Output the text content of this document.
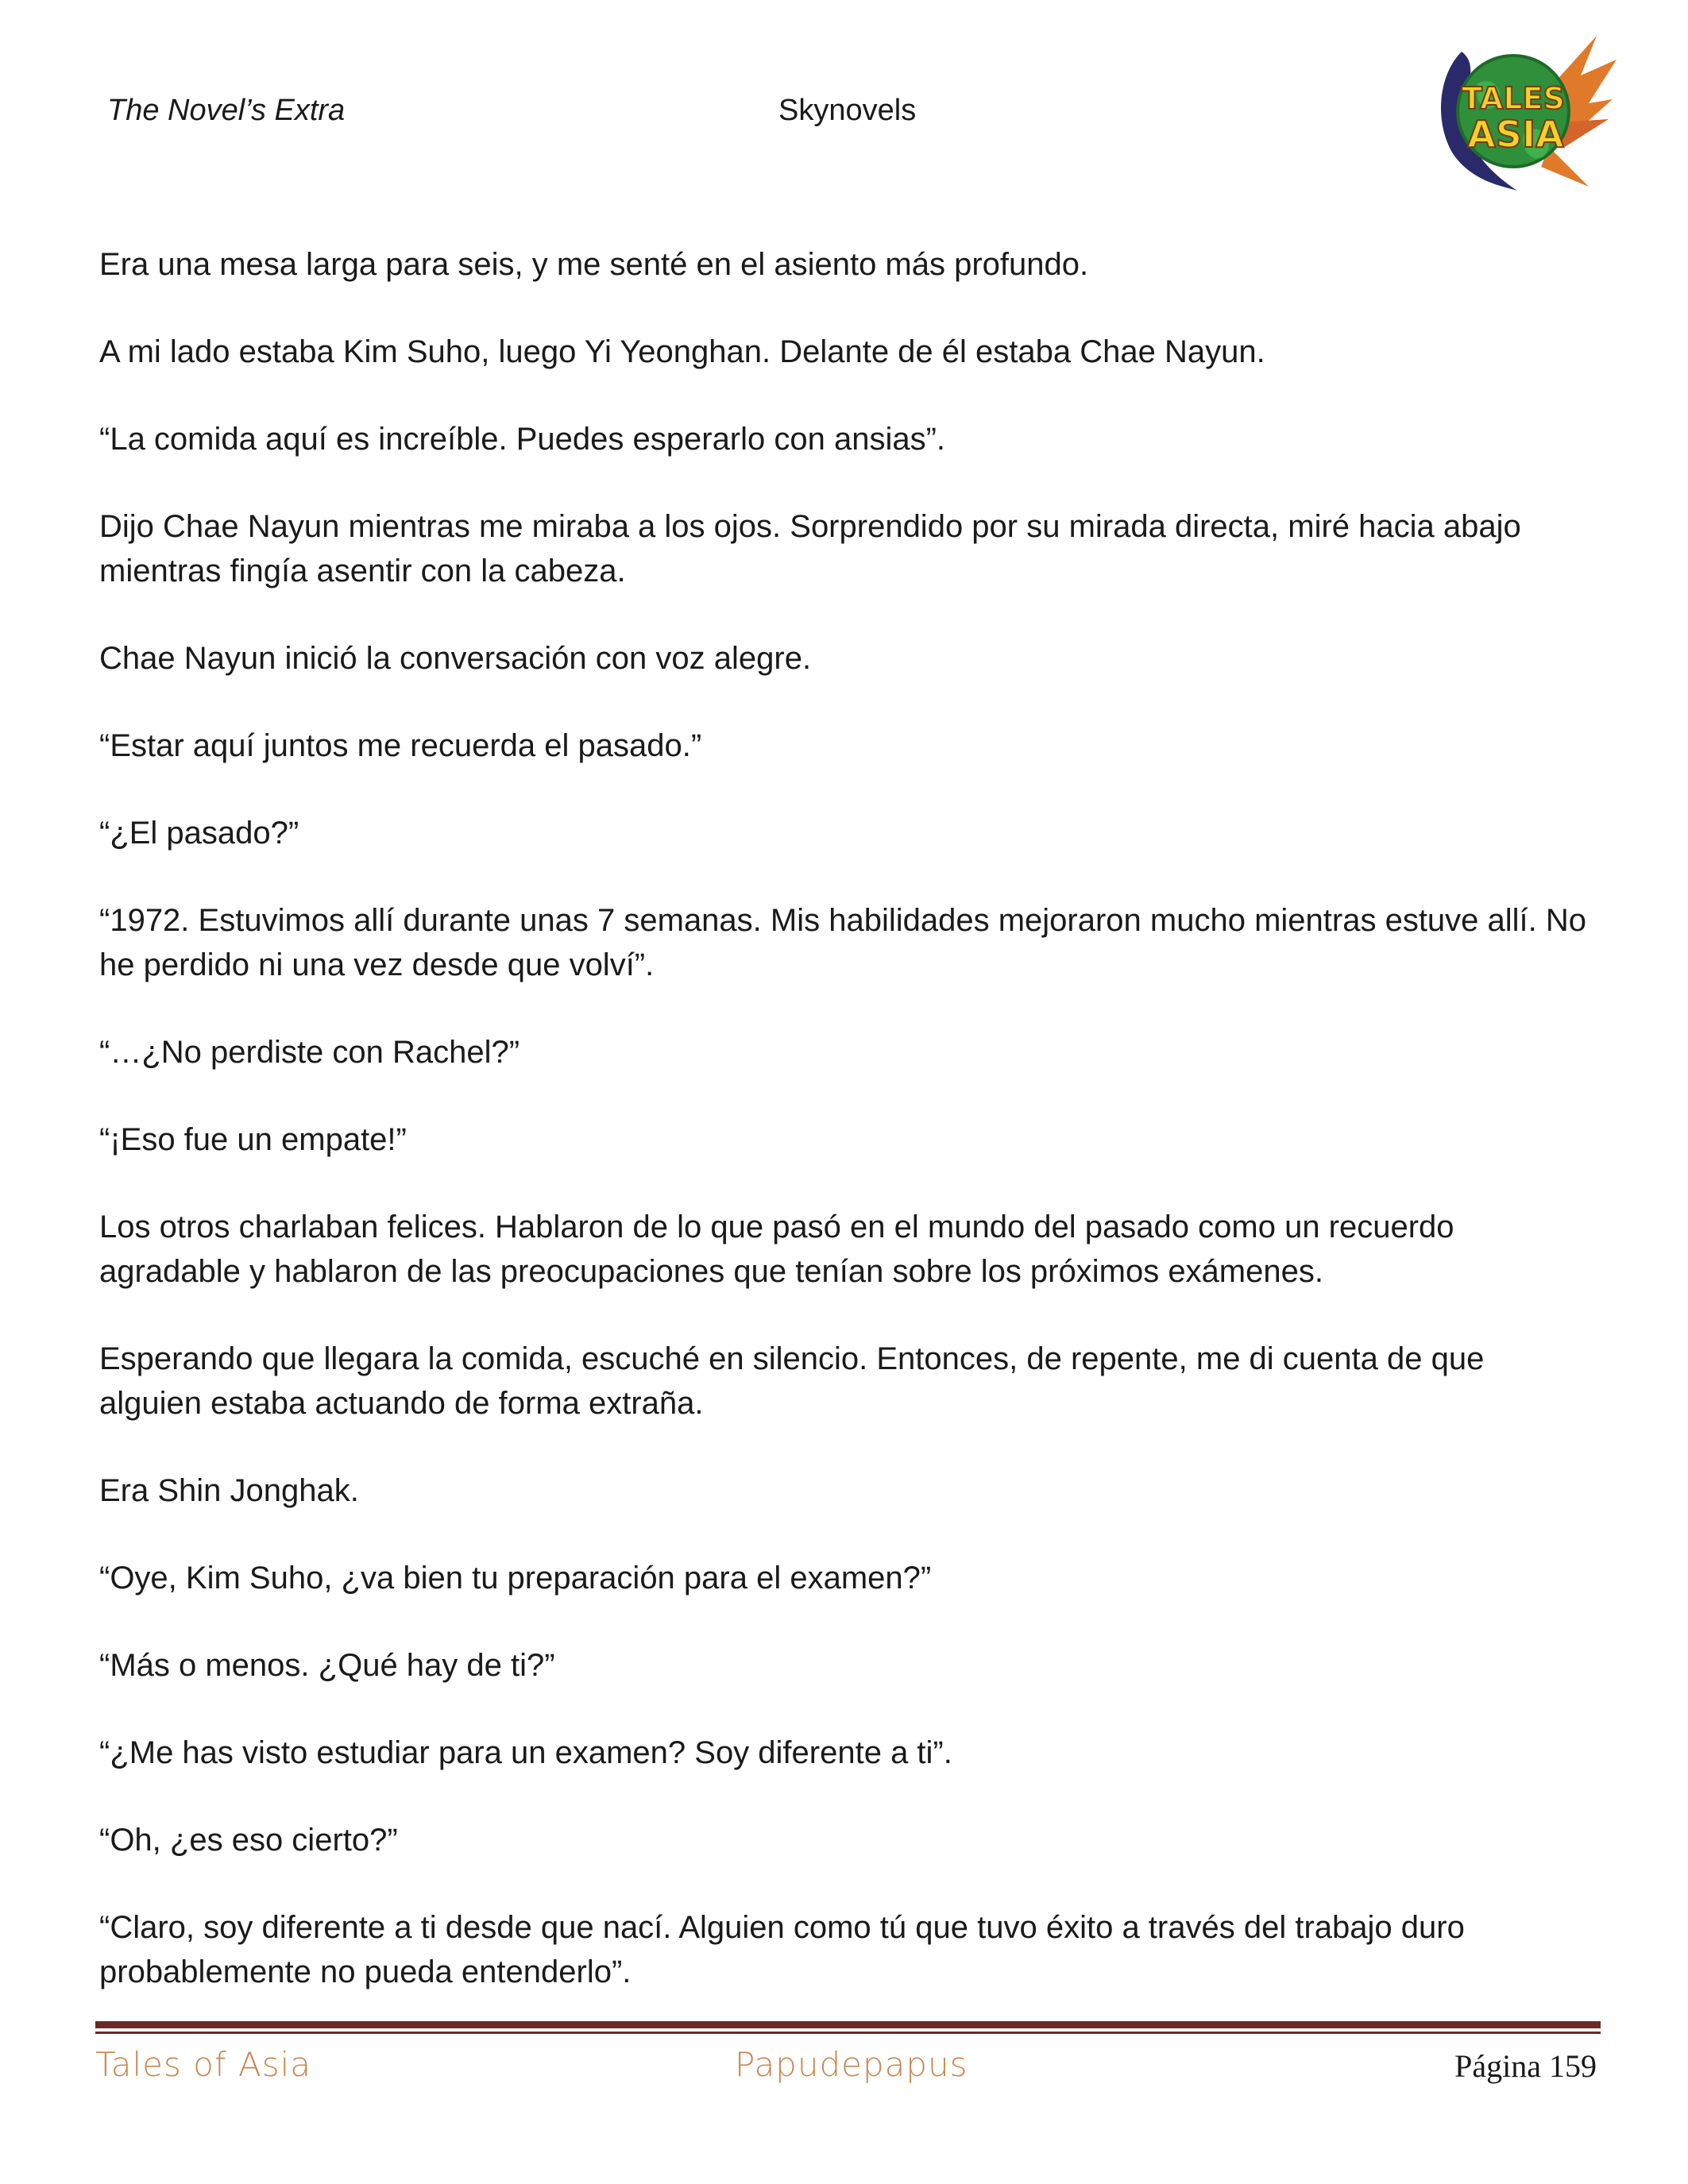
The Novel’s Extra	Skynovels	TALES
ASIA

Era una mesa larga para seis, y me senté en el asiento más profundo.

A mi lado estaba Kim Suho, luego Yi Yeonghan. Delante de él estaba Chae Nayun.

“La comida aquí es increíble. Puedes esperarlo con ansias”.

Dijo Chae Nayun mientras me miraba a los ojos. Sorprendido por su mirada directa, miré hacia abajo mientras fingía asentir con la cabeza.

Chae Nayun inició la conversación con voz alegre.

“Estar aquí juntos me recuerda el pasado.”

“¿El pasado?”

“1972. Estuvimos allí durante unas 7 semanas. Mis habilidades mejoraron mucho mientras estuve allí. No he perdido ni una vez desde que volví”.

“…¿No perdiste con Rachel?”

“¡Eso fue un empate!”

Los otros charlaban felices. Hablaron de lo que pasó en el mundo del pasado como un recuerdo agradable y hablaron de las preocupaciones que tenían sobre los próximos exámenes.

Esperando que llegara la comida, escuché en silencio. Entonces, de repente, me di cuenta de que alguien estaba actuando de forma extraña.

Era Shin Jonghak.

“Oye, Kim Suho, ¿va bien tu preparación para el examen?”

“Más o menos. ¿Qué hay de ti?”

“¿Me has visto estudiar para un examen? Soy diferente a ti”.

“Oh, ¿es eso cierto?”

“Claro, soy diferente a ti desde que nací. Alguien como tú que tuvo éxito a través del trabajo duro probablemente no pueda entenderlo”.

Tales of Asia	Papudepapus	Página 159
